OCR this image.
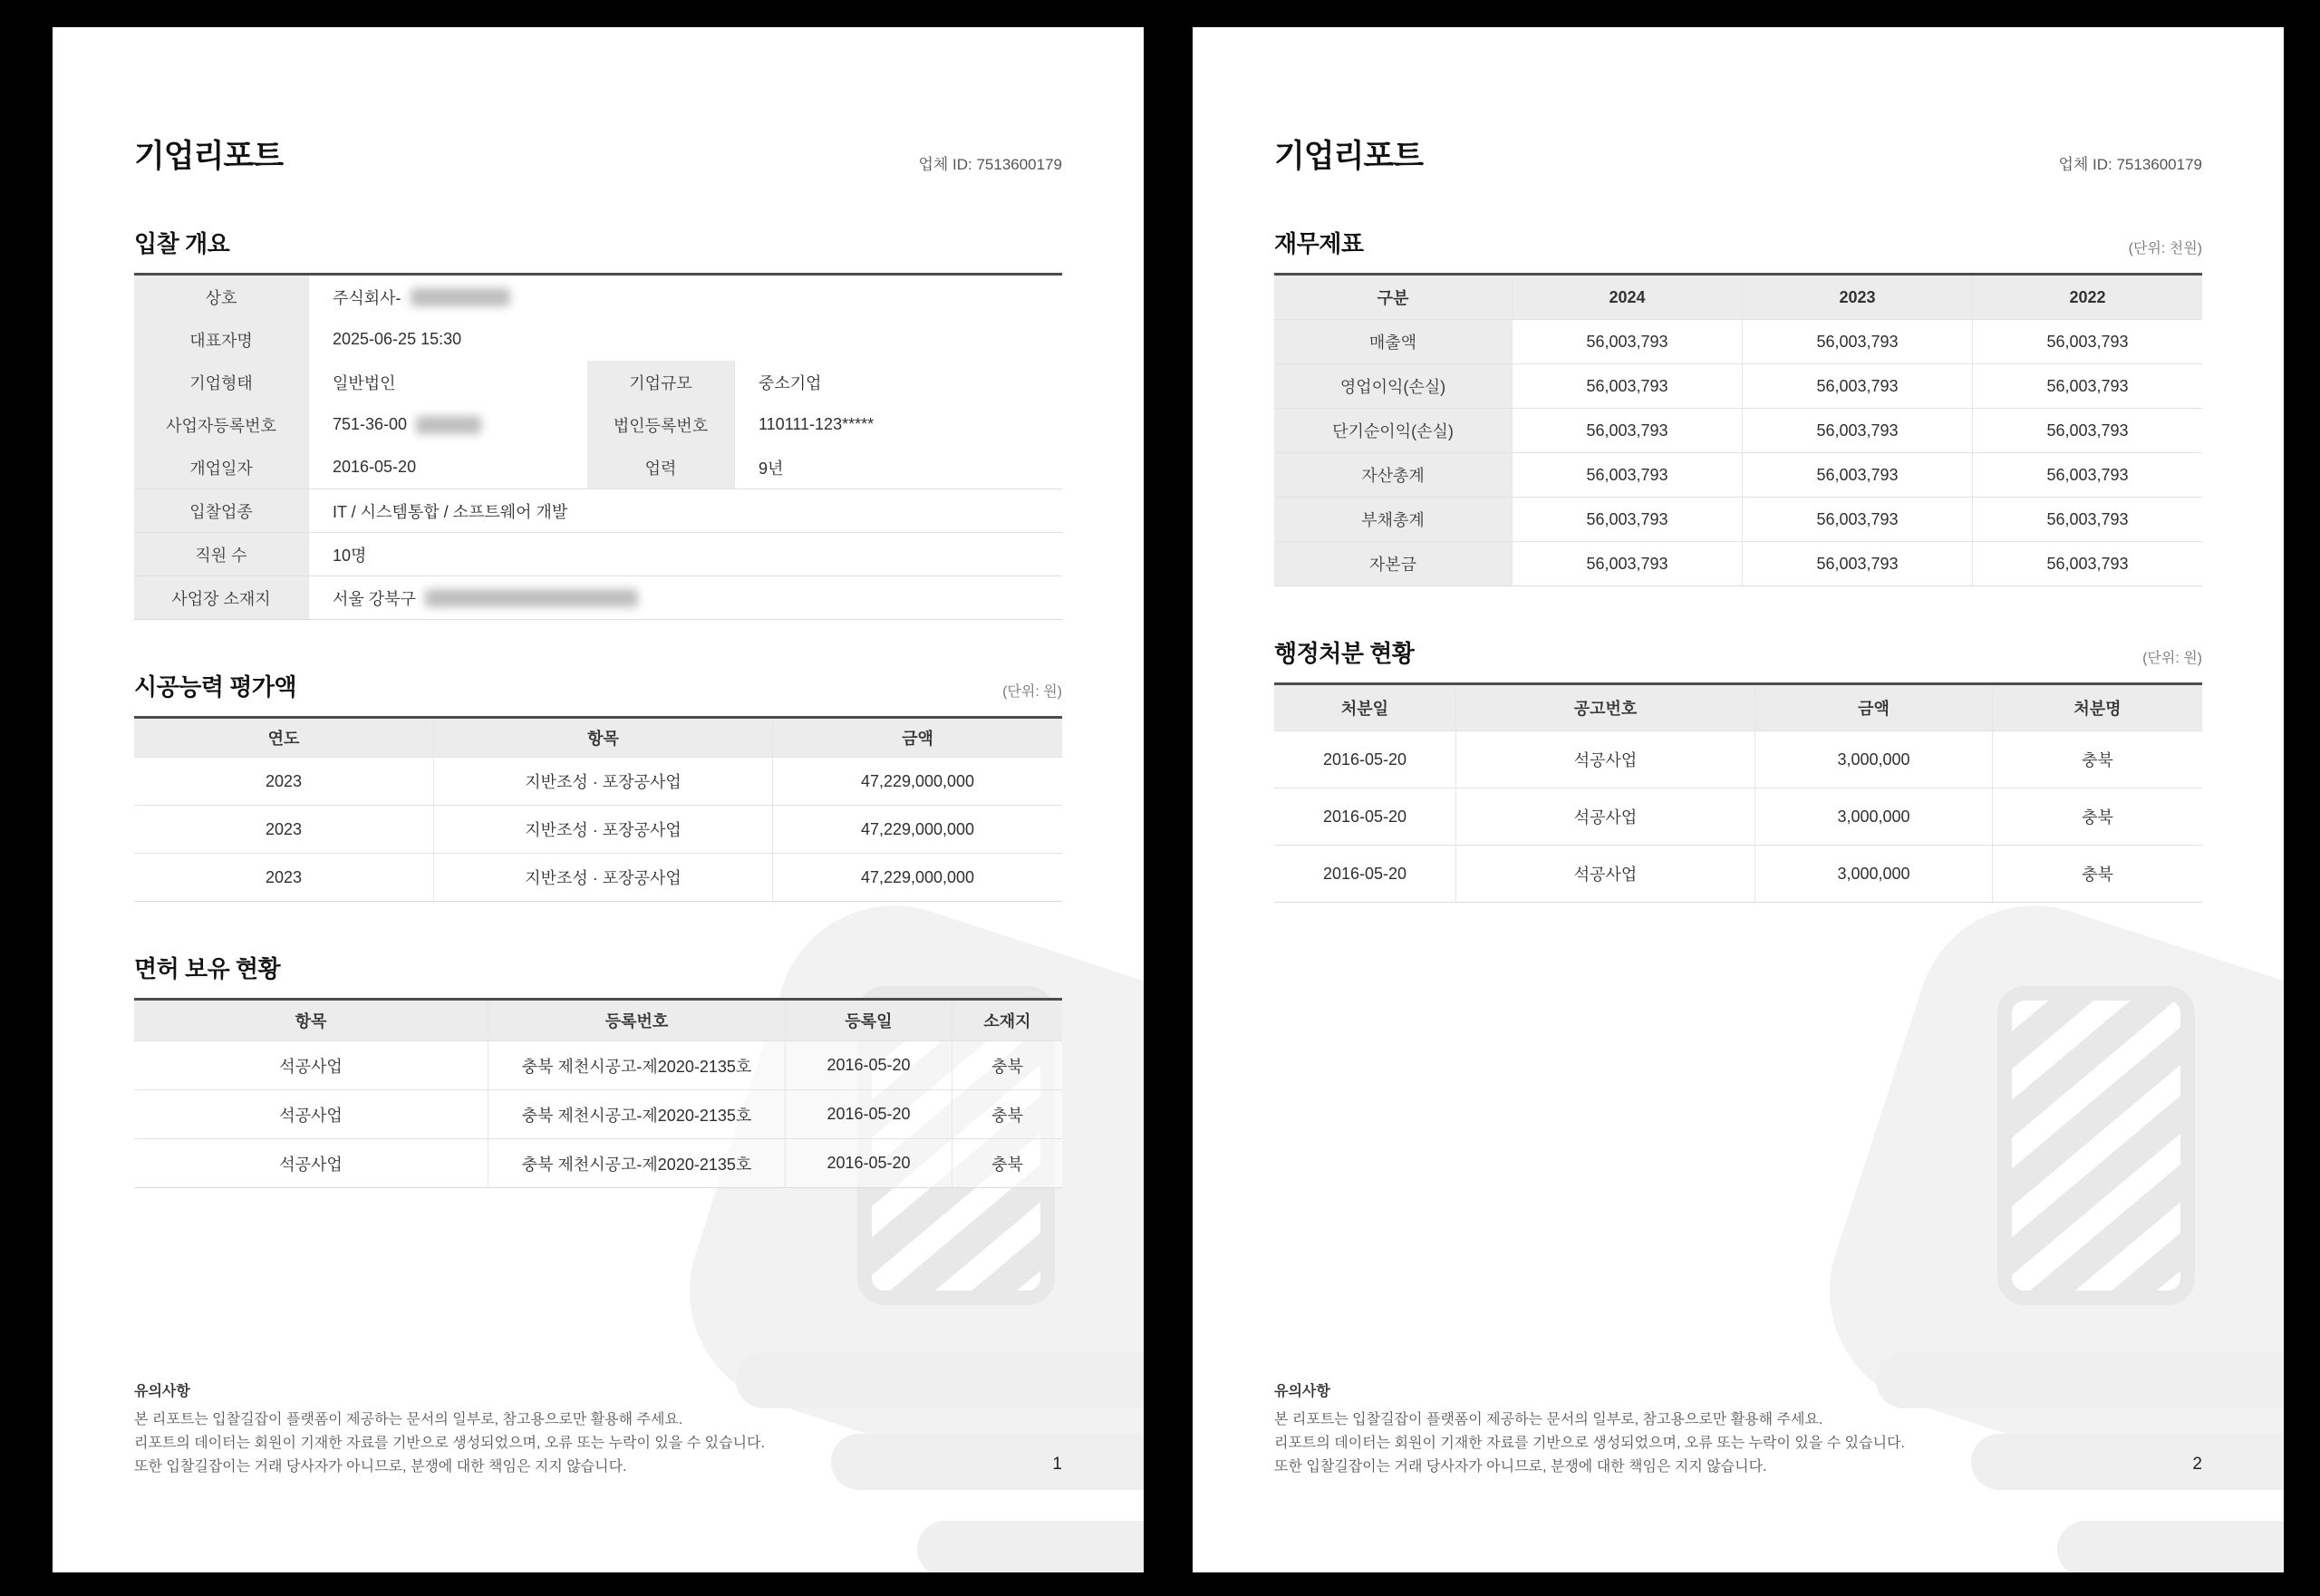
기업리포트	업체 ID: 7513600179
입찰 개요
상호	주식회사-
대표자명	2025-06-25 15:30
기업형태	일반법인	기업규모	중소기업
사업자등록번호	751-36-00	법인등록번호	110111-123*****
개업일자	2016-05-20	업력	9년
입찰업종	IT / 시스템통합 / 소프트웨어 개발
직원 수	10명
사업장 소재지	서울 강북구
시공능력 평가액	(단위: 원)
연도	항목	금액
2023	지반조성 · 포장공사업	47,229,000,000
2023	지반조성 · 포장공사업	47,229,000,000
2023	지반조성 · 포장공사업	47,229,000,000
면허 보유 현황
항목	등록번호	등록일	소재지
석공사업	충북 제천시공고-제2020-2135호	2016-05-20	충북
석공사업	충북 제천시공고-제2020-2135호	2016-05-20	충북
석공사업	충북 제천시공고-제2020-2135호	2016-05-20	충북
유의사항
본 리포트는 입찰길잡이 플랫폼이 제공하는 문서의 일부로, 참고용으로만 활용해 주세요.
리포트의 데이터는 회원이 기재한 자료를 기반으로 생성되었으며, 오류 또는 누락이 있을 수 있습니다.
또한 입찰길잡이는 거래 당사자가 아니므로, 분쟁에 대한 책임은 지지 않습니다.	1
기업리포트	업체 ID: 7513600179
재무제표	(단위: 천원)
구분	2024	2023	2022
매출액	56,003,793	56,003,793	56,003,793
영업이익(손실)	56,003,793	56,003,793	56,003,793
단기순이익(손실)	56,003,793	56,003,793	56,003,793
자산총계	56,003,793	56,003,793	56,003,793
부채총계	56,003,793	56,003,793	56,003,793
자본금	56,003,793	56,003,793	56,003,793
행정처분 현황	(단위: 원)
처분일	공고번호	금액	처분명
2016-05-20	석공사업	3,000,000	충북
2016-05-20	석공사업	3,000,000	충북
2016-05-20	석공사업	3,000,000	충북
유의사항
본 리포트는 입찰길잡이 플랫폼이 제공하는 문서의 일부로, 참고용으로만 활용해 주세요.
리포트의 데이터는 회원이 기재한 자료를 기반으로 생성되었으며, 오류 또는 누락이 있을 수 있습니다.
또한 입찰길잡이는 거래 당사자가 아니므로, 분쟁에 대한 책임은 지지 않습니다.	2
